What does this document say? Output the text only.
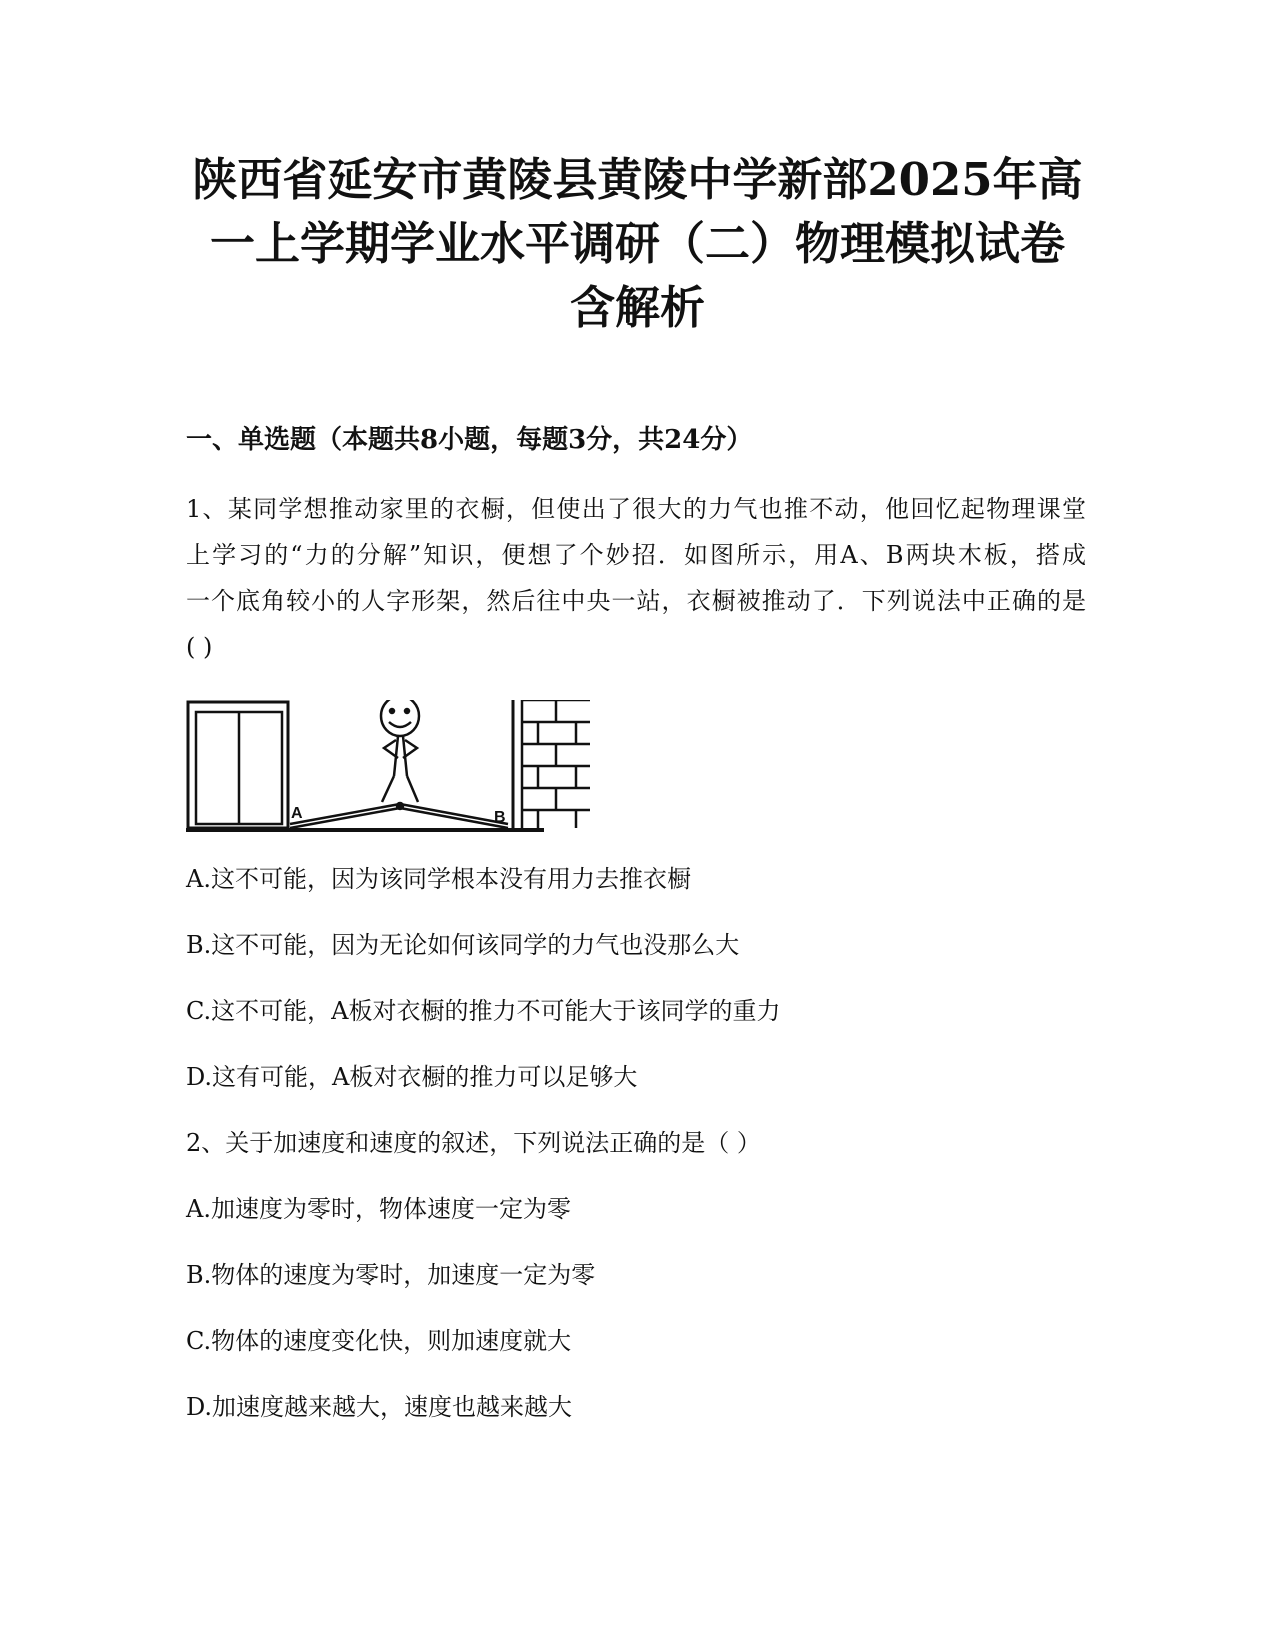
陕西省延安市黄陵县黄陵中学新部2025年高
一上学期学业水平调研（二）物理模拟试卷
含解析
一、单选题（本题共8小题，每题3分，共24分）

1、某同学想推动家里的衣橱，但使出了很大的力气也推不动，他回忆起物理课堂
上学习的“力的分解”知识，便想了个妙招．如图所示，用A、B两块木板，搭成
一个底角较小的人字形架，然后往中央一站，衣橱被推动了．下列说法中正确的是
( )

A	B

A.这不可能，因为该同学根本没有用力去推衣橱

B.这不可能，因为无论如何该同学的力气也没那么大

C.这不可能，A板对衣橱的推力不可能大于该同学的重力

D.这有可能，A板对衣橱的推力可以足够大

2、关于加速度和速度的叙述，下列说法正确的是（ ）

A.加速度为零时，物体速度一定为零

B.物体的速度为零时，加速度一定为零

C.物体的速度变化快，则加速度就大

D.加速度越来越大，速度也越来越大
